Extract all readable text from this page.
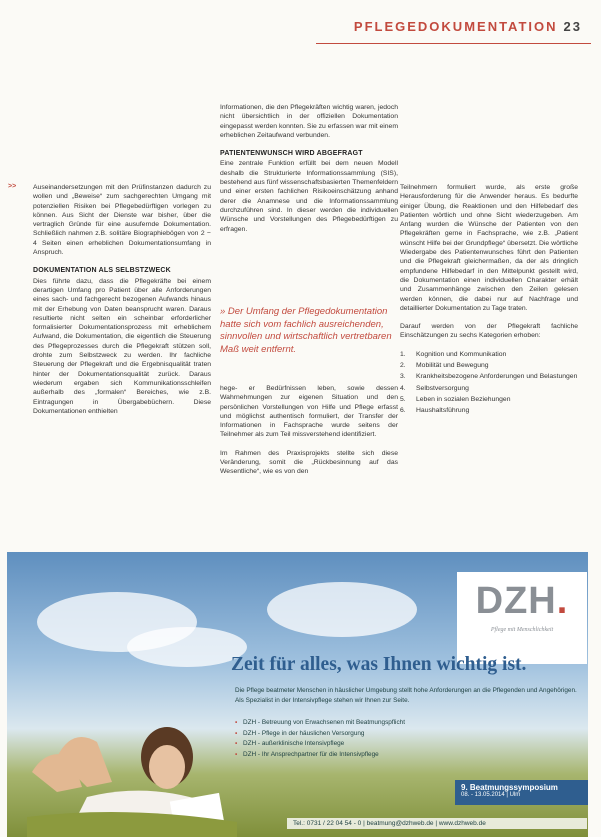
PFLEGEDOKUMENTATION 23
>> Auseinandersetzungen mit den Prüfinstanzen dadurch zu wollen und „Beweise“ zum sachgerechten Umgang mit potenziellen Risiken bei Pflegebedürftigen vorlegen zu können. Aus Sicht der Dienste war bisher, über die vertraglich Gründe für eine ausufernde Dokumentation. Schließlich nahmen z.B. solitäre Biographiebögen von 2 − 4 Seiten einen erheblichen Dokumentationsumfang in Anspruch.

DOKUMENTATION ALS SELBSTZWECK

Dies führte dazu, dass die Pflegekräfte bei einem derartigen Umfang pro Patient über alle Anforderungen eines sach- und fachgerecht bezogenen Aufwands hinaus mit der Erhebung von Daten beansprucht waren. Daraus resultierte nicht selten ein scheinbar erforderlicher formalisierter Dokumentationsprozess mit erheblichem Aufwand, die Dokumentation, die eigentlich die Steuerung des Pflegeprozesses durch die Pflegekraft stützen soll, drohte zum Selbstzweck zu werden. Ihr fachliche Steuerung der Pflegekraft und die Ergebnisqualität traten hinter der Dokumentationsqualität zurück. Daraus wiederum ergaben sich Kommunikationsschleifen außerhalb des „formalen“ Bereiches, wie z.B. Eintragungen in Übergabebüchern. Diese Dokumentationen enthielten

Informationen, die den Pflegekräften wichtig waren, jedoch nicht übersichtlich in der offiziellen Dokumentation eingepasst werden konnten. Sie zu erfassen war mit einem erheblichen Zeitaufwand verbunden.

PATIENTENWUNSCH WIRD ABGEFRAGT

Eine zentrale Funktion erfüllt bei dem neuen Modell deshalb die Strukturierte Informationssammlung (SIS), bestehend aus fünf wissenschaftsbasierten Themenfeldern und einer ersten fachlichen Risikoeinschätzung anhand derer die Anamnese und die Informationssammlung durchzuführen sind. In dieser werden die individuellen Wünsche und Vorstellungen des Pflegebedürftigen zu erfragen.

» Der Umfang der Pflegedokumentation hatte sich vom fachlich ausreichenden, sinnvollen und wirtschaftlich vertretbaren Maß weit entfernt.

hege- er Bedürfnissen leben, sowie dessen Wahrnehmungen zur eigenen Situation und den persönlichen Vorstellungen von Hilfe und Pflege erfasst und möglichst authentisch formuliert, der Transfer der Informationen in Fachsprache wurde seitens der Teilnehmer als zum Teil missverstehend identifiziert.

Im Rahmen des Praxisprojekts stellte sich diese Veränderung, somit die „Rückbesinnung auf das Wesentliche“, wie es von den

Teilnehmern formuliert wurde, als erste große Herausforderung für die Anwender heraus. Es bedurfte einiger Übung, die Reaktionen und den Hilfebedarf des Patienten wörtlich und ohne Sicht wiederzugeben. Am Anfang wurden die Wünsche der Patienten von den Pflegekräften gerne in Fachsprache, wie z.B. „Patient wünscht Hilfe bei der Grundpflege“ übersetzt. Die wörtliche Wiedergabe des Patientenwunsches führt den Patienten und die Pflegekraft gleichermaßen, da der als dringlich empfundene Hilfebedarf in den Mittelpunkt gestellt wird, die Dokumentation einen individuellen Charakter erhält und Zusammenhänge zwischen den Zeilen gelesen werden können, die dabei nur auf Nachfrage und detaillierter Dokumentation zu Tage traten.

Darauf werden von der Pflegekraft fachliche Einschätzungen zu sechs Kategorien erhoben:

1.	Kognition und Kommunikation
2.	Mobilität und Bewegung
3.	Krankheitsbezogene Anforderungen und Belastungen
4.	Selbstversorgung
5.	Leben in sozialen Beziehungen
6.	Haushaltsführung
DZH.
Pflege mit Menschlichkeit
Zeit für alles, was Ihnen wichtig ist.
Die Pflege beatmeter Menschen in häuslicher Umgebung stellt hohe Anforderungen an die Pflegenden und Angehörigen. Als Spezialist in der Intensivpflege stehen wir Ihnen zur Seite.
▪ DZH - Betreuung von Erwachsenen mit Beatmungspflicht
▪ DZH - Pflege in der häuslichen Versorgung
▪ DZH - außerklinische Intensivpflege
▪ DZH - Ihr Ansprechpartner für die Intensivpflege
9. Beatmungssymposium
08. - 13.05.2014 | Ulm
Tel.: 0731 / 22 04 54 - 0 | beatmung@dzhweb.de | www.dzhweb.de
